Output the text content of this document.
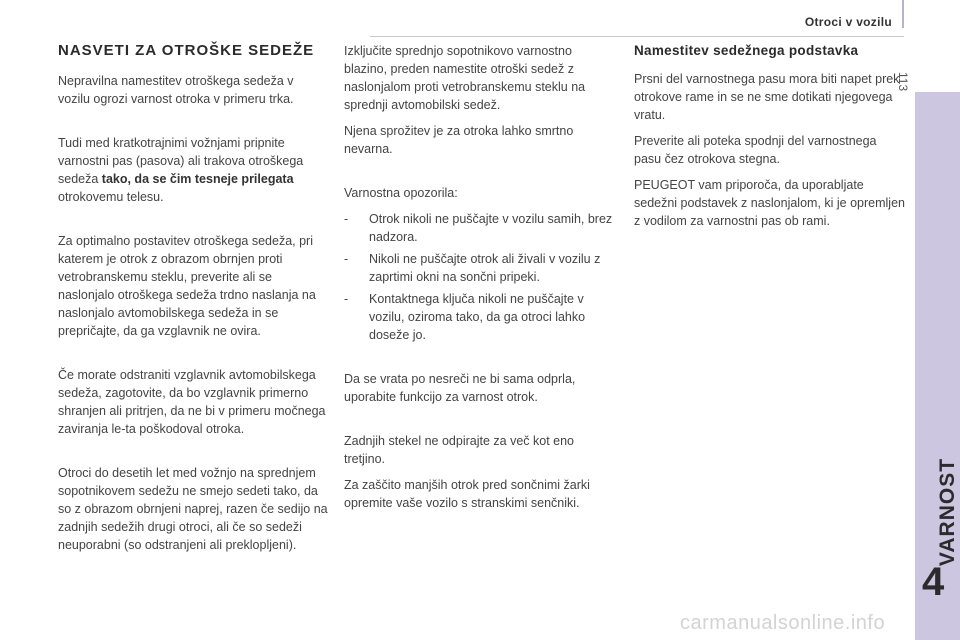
Otroci v vozilu
113
VARNOST
4
NASVETI ZA OTROŠKE SEDEŽE

Nepravilna namestitev otroškega sedeža v vozilu ogrozi varnost otroka v primeru trka.

Tudi med kratkotrajnimi vožnjami pripnite varnostni pas (pasova) ali trakova otroškega sedeža tako, da se čim tesneje prilegata otrokovemu telesu.

Za optimalno postavitev otroškega sedeža, pri katerem je otrok z obrazom obrnjen proti vetrobranskemu steklu, preverite ali se naslonjalo otroškega sedeža trdno naslanja na naslonjalo avtomobilskega sedeža in se prepričajte, da ga vzglavnik ne ovira.

Če morate odstraniti vzglavnik avtomobilskega sedeža, zagotovite, da bo vzglavnik primerno shranjen ali pritrjen, da ne bi v primeru močnega zaviranja le-ta poškodoval otroka.

Otroci do desetih let med vožnjo na sprednjem sopotnikovem sedežu ne smejo sedeti tako, da so z obrazom obrnjeni naprej, razen če sedijo na zadnjih sedežih drugi otroci, ali če so sedeži neuporabni (so odstranjeni ali preklopljeni).

Izključite sprednjo sopotnikovo varnostno blazino, preden namestite otroški sedež z naslonjalom proti vetrobranskemu steklu na sprednji avtomobilski sedež.

Njena sprožitev je za otroka lahko smrtno nevarna.

Varnostna opozorila:

- Otrok nikoli ne puščajte v vozilu samih, brez nadzora.
- Nikoli ne puščajte otrok ali živali v vozilu z zaprtimi okni na sončni pripeki.
- Kontaktnega ključa nikoli ne puščajte v vozilu, oziroma tako, da ga otroci lahko doseže jo.

Da se vrata po nesreči ne bi sama odprla, uporabite funkcijo za varnost otrok.

Zadnjih stekel ne odpirajte za več kot eno tretjino.

Za zaščito manjših otrok pred sončnimi žarki opremite vaše vozilo s stranskimi senčniki.

Namestitev sedežnega podstavka

Prsni del varnostnega pasu mora biti napet prek otrokove rame in se ne sme dotikati njegovega vratu.

Preverite ali poteka spodnji del varnostnega pasu čez otrokova stegna.

PEUGEOT vam priporoča, da uporabljate sedežni podstavek z naslonjalom, ki je opremljen z vodilom za varnostni pas ob rami.

carmanualsonline.info
